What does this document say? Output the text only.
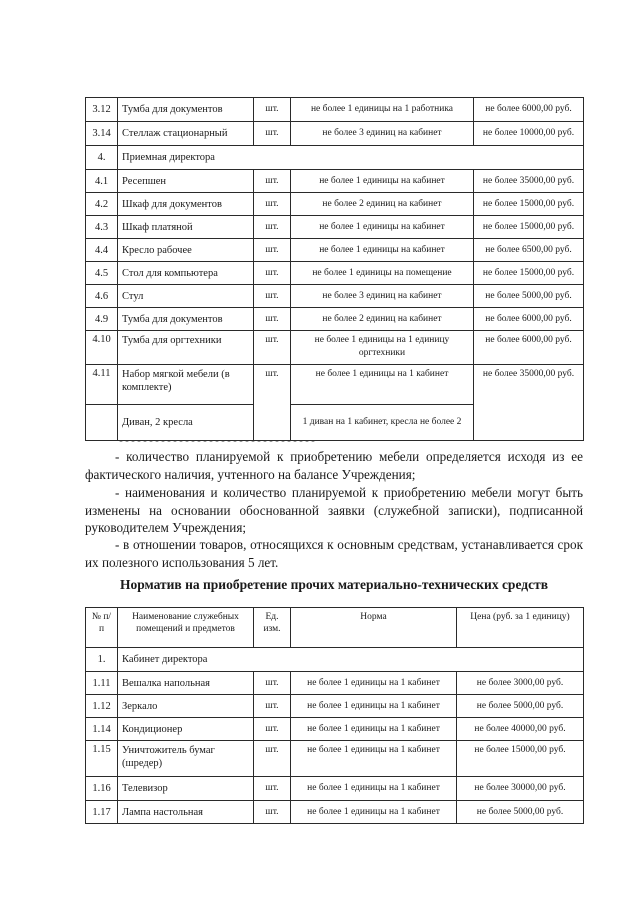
3.12	Тумба для документов	шт.	не более 1 единицы на 1 работника	не более 6000,00 руб.
3.14	Стеллаж стационарный	шт.	не более 3 единиц на кабинет	не более 10000,00 руб.
4.	Приемная директора			
4.1	Ресепшен	шт.	не более 1 единицы на кабинет	не более 35000,00 руб.
4.2	Шкаф для документов	шт.	не более 2 единиц на кабинет	не более 15000,00 руб.
4.3	Шкаф платяной	шт.	не более 1 единицы на кабинет	не более 15000,00 руб.
4.4	Кресло рабочее	шт.	не более 1 единицы на кабинет	не более 6500,00 руб.
4.5	Стол для компьютера	шт.	не более 1 единицы на помещение	не более 15000,00 руб.
4.6	Стул	шт.	не более 3 единиц на кабинет	не более 5000,00 руб.
4.9	Тумба для документов	шт.	не более 2 единиц на кабинет	не более 6000,00 руб.
4.10	Тумба для оргтехники	шт.	не более 1 единицы на 1 единицу оргтехники	не более 6000,00 руб.
4.11	Набор мягкой мебели (в комплекте)	шт.	не более 1 единицы на 1 кабинет	не более 35000,00 руб.
	Диван, 2 кресла		1 диван на 1 кабинет, кресла не более 2	
---------------------------------

- количество планируемой к приобретению мебели определяется исходя из ее фактического наличия, учтенного на балансе Учреждения;

- наименования и количество планируемой к приобретению мебели могут быть изменены на основании обоснованной заявки (служебной записки), подписанной руководителем Учреждения;

- в отношении товаров, относящихся к основным средствам, устанавливается срок их полезного использования 5 лет.

Норматив на приобретение прочих материально-технических средств
№ п/п	Наименование служебных помещений и предметов	Ед. изм.	Норма	Цена (руб. за 1 единицу)
1.	Кабинет директора			
1.11	Вешалка напольная	шт.	не более 1 единицы на 1 кабинет	не более 3000,00 руб.
1.12	Зеркало	шт.	не более 1 единицы на 1 кабинет	не более 5000,00 руб.
1.14	Кондиционер	шт.	не более 1 единицы на 1 кабинет	не более 40000,00 руб.
1.15	Уничтожитель бумаг (шредер)	шт.	не более 1 единицы на 1 кабинет	не более 15000,00 руб.
1.16	Телевизор	шт.	не более 1 единицы на 1 кабинет	не более 30000,00 руб.
1.17	Лампа настольная	шт.	не более 1 единицы на 1 кабинет	не более 5000,00 руб.
